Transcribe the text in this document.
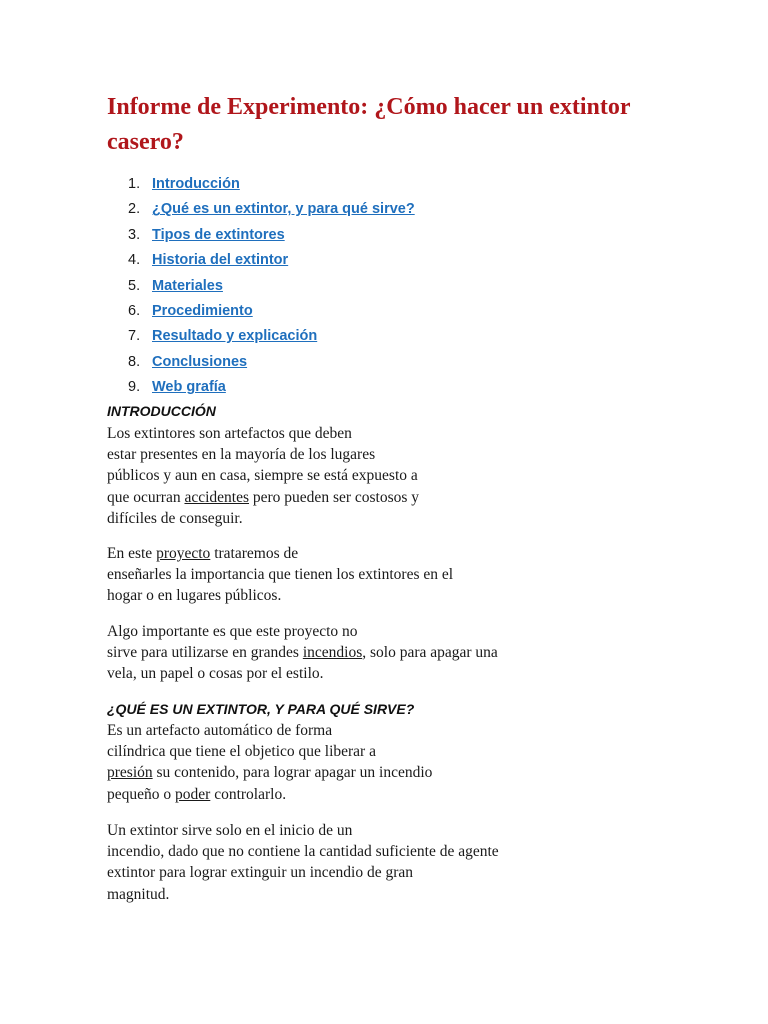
Informe de Experimento: ¿Cómo hacer un extintor casero?
1. Introducción
2. ¿Qué es un extintor, y para qué sirve?
3. Tipos de extintores
4. Historia del extintor
5. Materiales
6. Procedimiento
7. Resultado y explicación
8. Conclusiones
9. Web grafía
INTRODUCCIÓN

Los extintores son artefactos que deben
estar presentes en la mayoría de los lugares
públicos y aun en casa, siempre se está expuesto a
que ocurran accidentes pero pueden ser costosos y
difíciles de conseguir.

En este proyecto trataremos de
enseñarles la importancia que tienen los extintores en el
hogar o en lugares públicos.

Algo importante es que este proyecto no
sirve para utilizarse en grandes incendios, solo para apagar una
vela, un papel o cosas por el estilo.

¿QUÉ ES UN EXTINTOR, Y PARA QUÉ SIRVE?

Es un artefacto automático de forma
cilíndrica que tiene el objetico que liberar a
presión su contenido, para lograr apagar un incendio
pequeño o poder controlarlo.

Un extintor sirve solo en el inicio de un
incendio, dado que no contiene la cantidad suficiente de agente
extintor para lograr extinguir un incendio de gran
magnitud.
